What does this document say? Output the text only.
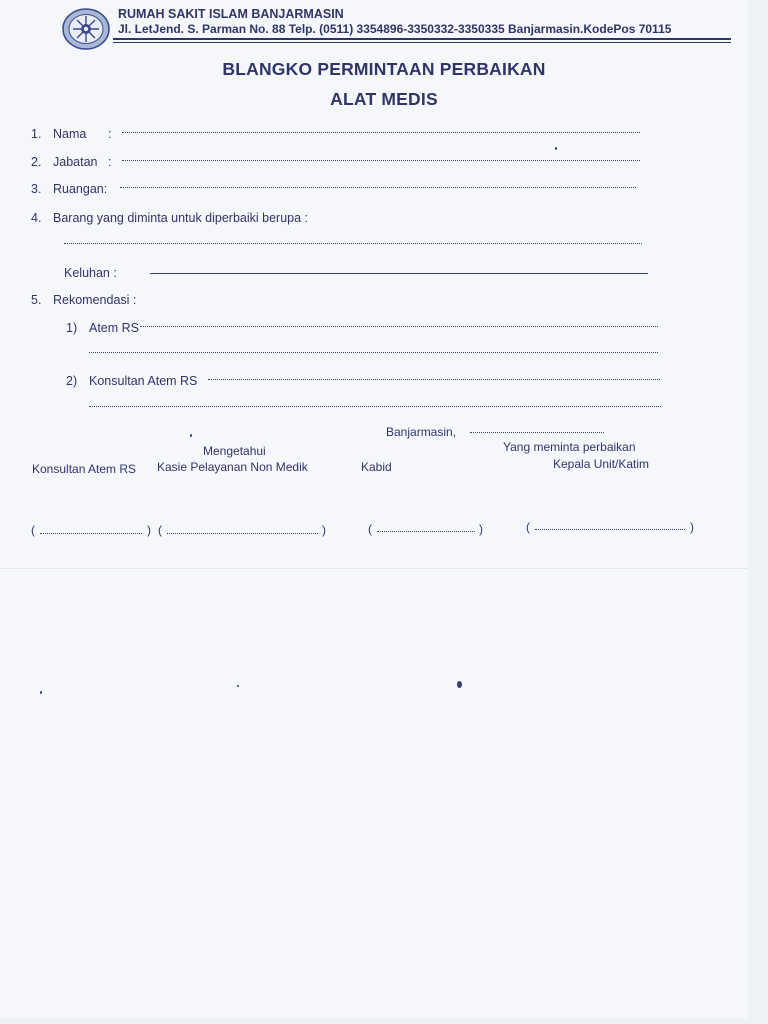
RUMAH SAKIT ISLAM BANJARMASIN
Jl. LetJend. S. Parman No. 88 Telp. (0511) 3354896-3350332-3350335 Banjarmasin.KodePos 70115
BLANGKO PERMINTAAN PERBAIKAN
ALAT MEDIS
1. Nama :
2. Jabatan :
3. Ruangan:
4. Barang yang diminta untuk diperbaiki berupa :
Keluhan :
5. Rekomendasi :
1) Atem RS
2) Konsultan Atem RS
Banjarmasin,
Mengetahui	Yang meminta perbaikan
Konsultan Atem RS Kasie Pelayanan Non Medik	Kabid	Kepala Unit/Katim
(	) (	)	(	)	(	)
